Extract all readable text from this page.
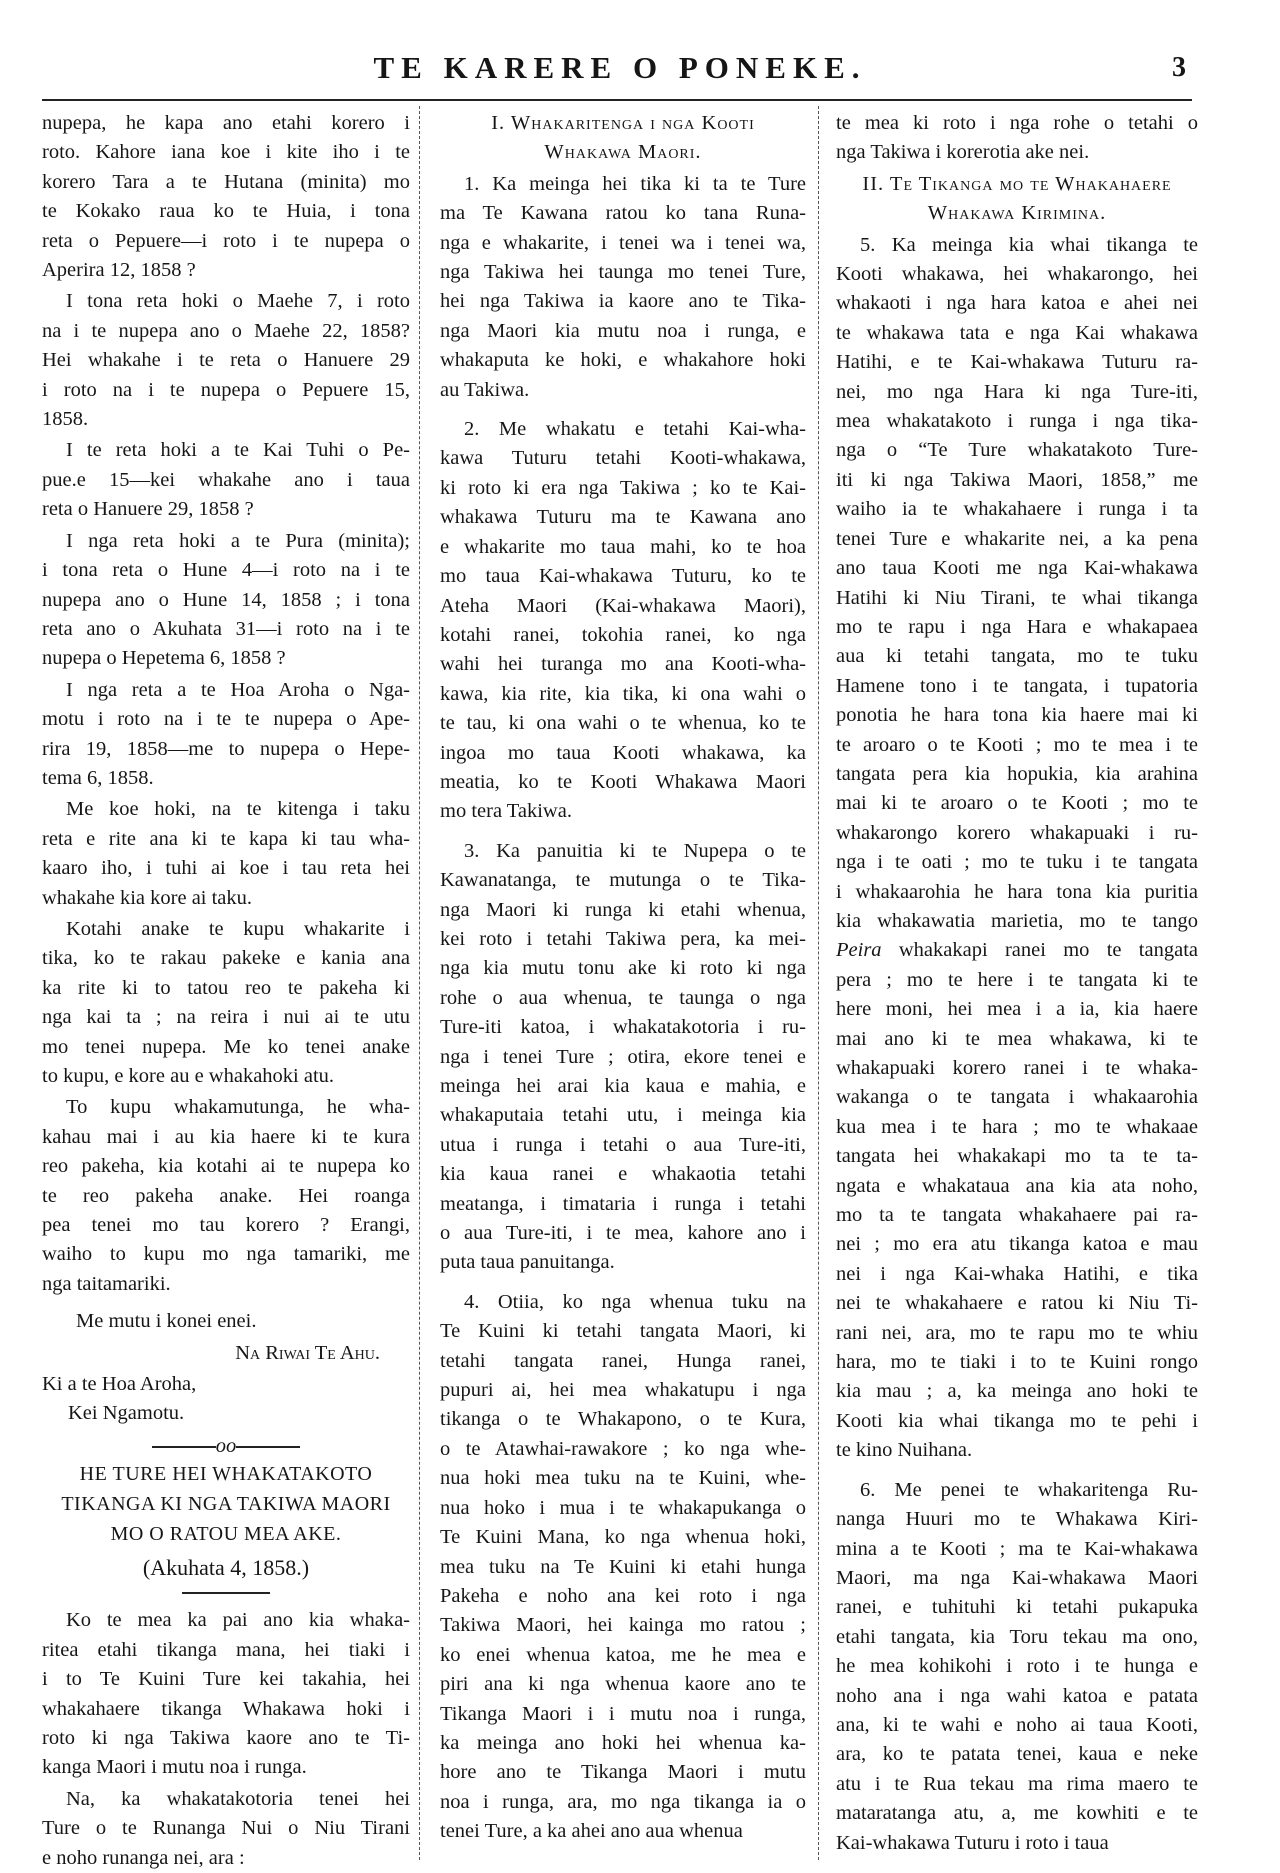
TE KARERE O PONEKE.	3
nupepa, he kapa ano etahi korero i
roto. Kahore iana koe i kite iho i te
korero Tara a te Hutana (minita) mo
te Kokako raua ko te Huia, i tona
reta o Pepuere—i roto i te nupepa o
Aperira 12, 1858 ?
I tona reta hoki o Maehe 7, i roto
na i te nupepa ano o Maehe 22, 1858?
Hei whakahe i te reta o Hanuere 29
i roto na i te nupepa o Pepuere 15,
1858.
I te reta hoki a te Kai Tuhi o Pe-
pue.e 15—kei whakahe ano i taua
reta o Hanuere 29, 1858 ?
I nga reta hoki a te Pura (minita);
i tona reta o Hune 4—i roto na i te
nupepa ano o Hune 14, 1858 ; i tona
reta ano o Akuhata 31—i roto na i te
nupepa o Hepetema 6, 1858 ?
I nga reta a te Hoa Aroha o Nga-
motu i roto na i te te nupepa o Ape-
rira 19, 1858—me to nupepa o Hepe-
tema 6, 1858.
Me koe hoki, na te kitenga i taku
reta e rite ana ki te kapa ki tau wha-
kaaro iho, i tuhi ai koe i tau reta hei
whakahe kia kore ai taku.
Kotahi anake te kupu whakarite i
tika, ko te rakau pakeke e kania ana
ka rite ki to tatou reo te pakeha ki
nga kai ta ; na reira i nui ai te utu
mo tenei nupepa. Me ko tenei anake
to kupu, e kore au e whakahoki atu.
To kupu whakamutunga, he wha-
kahau mai i au kia haere ki te kura
reo pakeha, kia kotahi ai te nupepa ko
te reo pakeha anake. Hei roanga
pea tenei mo tau korero ? Erangi,
waiho to kupu mo nga tamariki, me
nga taitamariki.
Me mutu i konei enei.
Na Riwai Te Ahu.
Ki a te Hoa Aroha,
Kei Ngamotu.
oo
HE TURE HEI WHAKATAKOTO
TIKANGA KI NGA TAKIWA MAORI
MO O RATOU MEA AKE.
(Akuhata 4, 1858.)
Ko te mea ka pai ano kia whaka-
ritea etahi tikanga mana, hei tiaki i
i to Te Kuini Ture kei takahia, hei
whakahaere tikanga Whakawa hoki i
roto ki nga Takiwa kaore ano te Ti-
kanga Maori i mutu noa i runga.
Na, ka whakatakotoria tenei hei
Ture o te Runanga Nui o Niu Tirani
e noho runanga nei, ara :
I. Whakaritenga i nga Kooti
Whakawa Maori.
1. Ka meinga hei tika ki ta te Ture
ma Te Kawana ratou ko tana Runa-
nga e whakarite, i tenei wa i tenei wa,
nga Takiwa hei taunga mo tenei Ture,
hei nga Takiwa ia kaore ano te Tika-
nga Maori kia mutu noa i runga, e
whakaputa ke hoki, e whakahore hoki
au Takiwa.
2. Me whakatu e tetahi Kai-wha-
kawa Tuturu tetahi Kooti-whakawa,
ki roto ki era nga Takiwa ; ko te Kai-
whakawa Tuturu ma te Kawana ano
e whakarite mo taua mahi, ko te hoa
mo taua Kai-whakawa Tuturu, ko te
Ateha Maori (Kai-whakawa Maori),
kotahi ranei, tokohia ranei, ko nga
wahi hei turanga mo ana Kooti-wha-
kawa, kia rite, kia tika, ki ona wahi o
te tau, ki ona wahi o te whenua, ko te
ingoa mo taua Kooti whakawa, ka
meatia, ko te Kooti Whakawa Maori
mo tera Takiwa.
3. Ka panuitia ki te Nupepa o te
Kawanatanga, te mutunga o te Tika-
nga Maori ki runga ki etahi whenua,
kei roto i tetahi Takiwa pera, ka mei-
nga kia mutu tonu ake ki roto ki nga
rohe o aua whenua, te taunga o nga
Ture-iti katoa, i whakatakotoria i ru-
nga i tenei Ture ; otira, ekore tenei e
meinga hei arai kia kaua e mahia, e
whakaputaia tetahi utu, i meinga kia
utua i runga i tetahi o aua Ture-iti,
kia kaua ranei e whakaotia tetahi
meatanga, i timataria i runga i tetahi
o aua Ture-iti, i te mea, kahore ano i
puta taua panuitanga.
4. Otiia, ko nga whenua tuku na
Te Kuini ki tetahi tangata Maori, ki
tetahi tangata ranei, Hunga ranei,
pupuri ai, hei mea whakatupu i nga
tikanga o te Whakapono, o te Kura,
o te Atawhai-rawakore ; ko nga whe-
nua hoki mea tuku na te Kuini, whe-
nua hoko i mua i te whakapukanga o
Te Kuini Mana, ko nga whenua hoki,
mea tuku na Te Kuini ki etahi hunga
Pakeha e noho ana kei roto i nga
Takiwa Maori, hei kainga mo ratou ;
ko enei whenua katoa, me he mea e
piri ana ki nga whenua kaore ano te
Tikanga Maori i i mutu noa i runga,
ka meinga ano hoki hei whenua ka-
hore ano te Tikanga Maori i mutu
noa i runga, ara, mo nga tikanga ia o
tenei Ture, a ka ahei ano aua whenua
te mea ki roto i nga rohe o tetahi o
nga Takiwa i korerotia ake nei.
II. Te Tikanga mo te Whakahaere
Whakawa Kirimina.
5. Ka meinga kia whai tikanga te
Kooti whakawa, hei whakarongo, hei
whakaoti i nga hara katoa e ahei nei
te whakawa tata e nga Kai whakawa
Hatihi, e te Kai-whakawa Tuturu ra-
nei, mo nga Hara ki nga Ture-iti,
mea whakatakoto i runga i nga tika-
nga o “Te Ture whakatakoto Ture-
iti ki nga Takiwa Maori, 1858,” me
waiho ia te whakahaere i runga i ta
tenei Ture e whakarite nei, a ka pena
ano taua Kooti me nga Kai-whakawa
Hatihi ki Niu Tirani, te whai tikanga
mo te rapu i nga Hara e whakapaea
aua ki tetahi tangata, mo te tuku
Hamene tono i te tangata, i tupatoria
ponotia he hara tona kia haere mai ki
te aroaro o te Kooti ; mo te mea i te
tangata pera kia hopukia, kia arahina
mai ki te aroaro o te Kooti ; mo te
whakarongo korero whakapuaki i ru-
nga i te oati ; mo te tuku i te tangata
i whakaarohia he hara tona kia puritia
kia whakawatia marietia, mo te tango
Peira whakakapi ranei mo te tangata
pera ; mo te here i te tangata ki te
here moni, hei mea i a ia, kia haere
mai ano ki te mea whakawa, ki te
whakapuaki korero ranei i te whaka-
wakanga o te tangata i whakaarohia
kua mea i te hara ; mo te whakaae
tangata hei whakakapi mo ta te ta-
ngata e whakataua ana kia ata noho,
mo ta te tangata whakahaere pai ra-
nei ; mo era atu tikanga katoa e mau
nei i nga Kai-whaka Hatihi, e tika
nei te whakahaere e ratou ki Niu Ti-
rani nei, ara, mo te rapu mo te whiu
hara, mo te tiaki i to te Kuini rongo
kia mau ; a, ka meinga ano hoki te
Kooti kia whai tikanga mo te pehi i
te kino Nuihana.
6. Me penei te whakaritenga Ru-
nanga Huuri mo te Whakawa Kiri-
mina a te Kooti ; ma te Kai-whakawa
Maori, ma nga Kai-whakawa Maori
ranei, e tuhituhi ki tetahi pukapuka
etahi tangata, kia Toru tekau ma ono,
he mea kohikohi i roto i te hunga e
noho ana i nga wahi katoa e patata
ana, ki te wahi e noho ai taua Kooti,
ara, ko te patata tenei, kaua e neke
atu i te Rua tekau ma rima maero te
mataratanga atu, a, me kowhiti e te
Kai-whakawa Tuturu i roto i taua
